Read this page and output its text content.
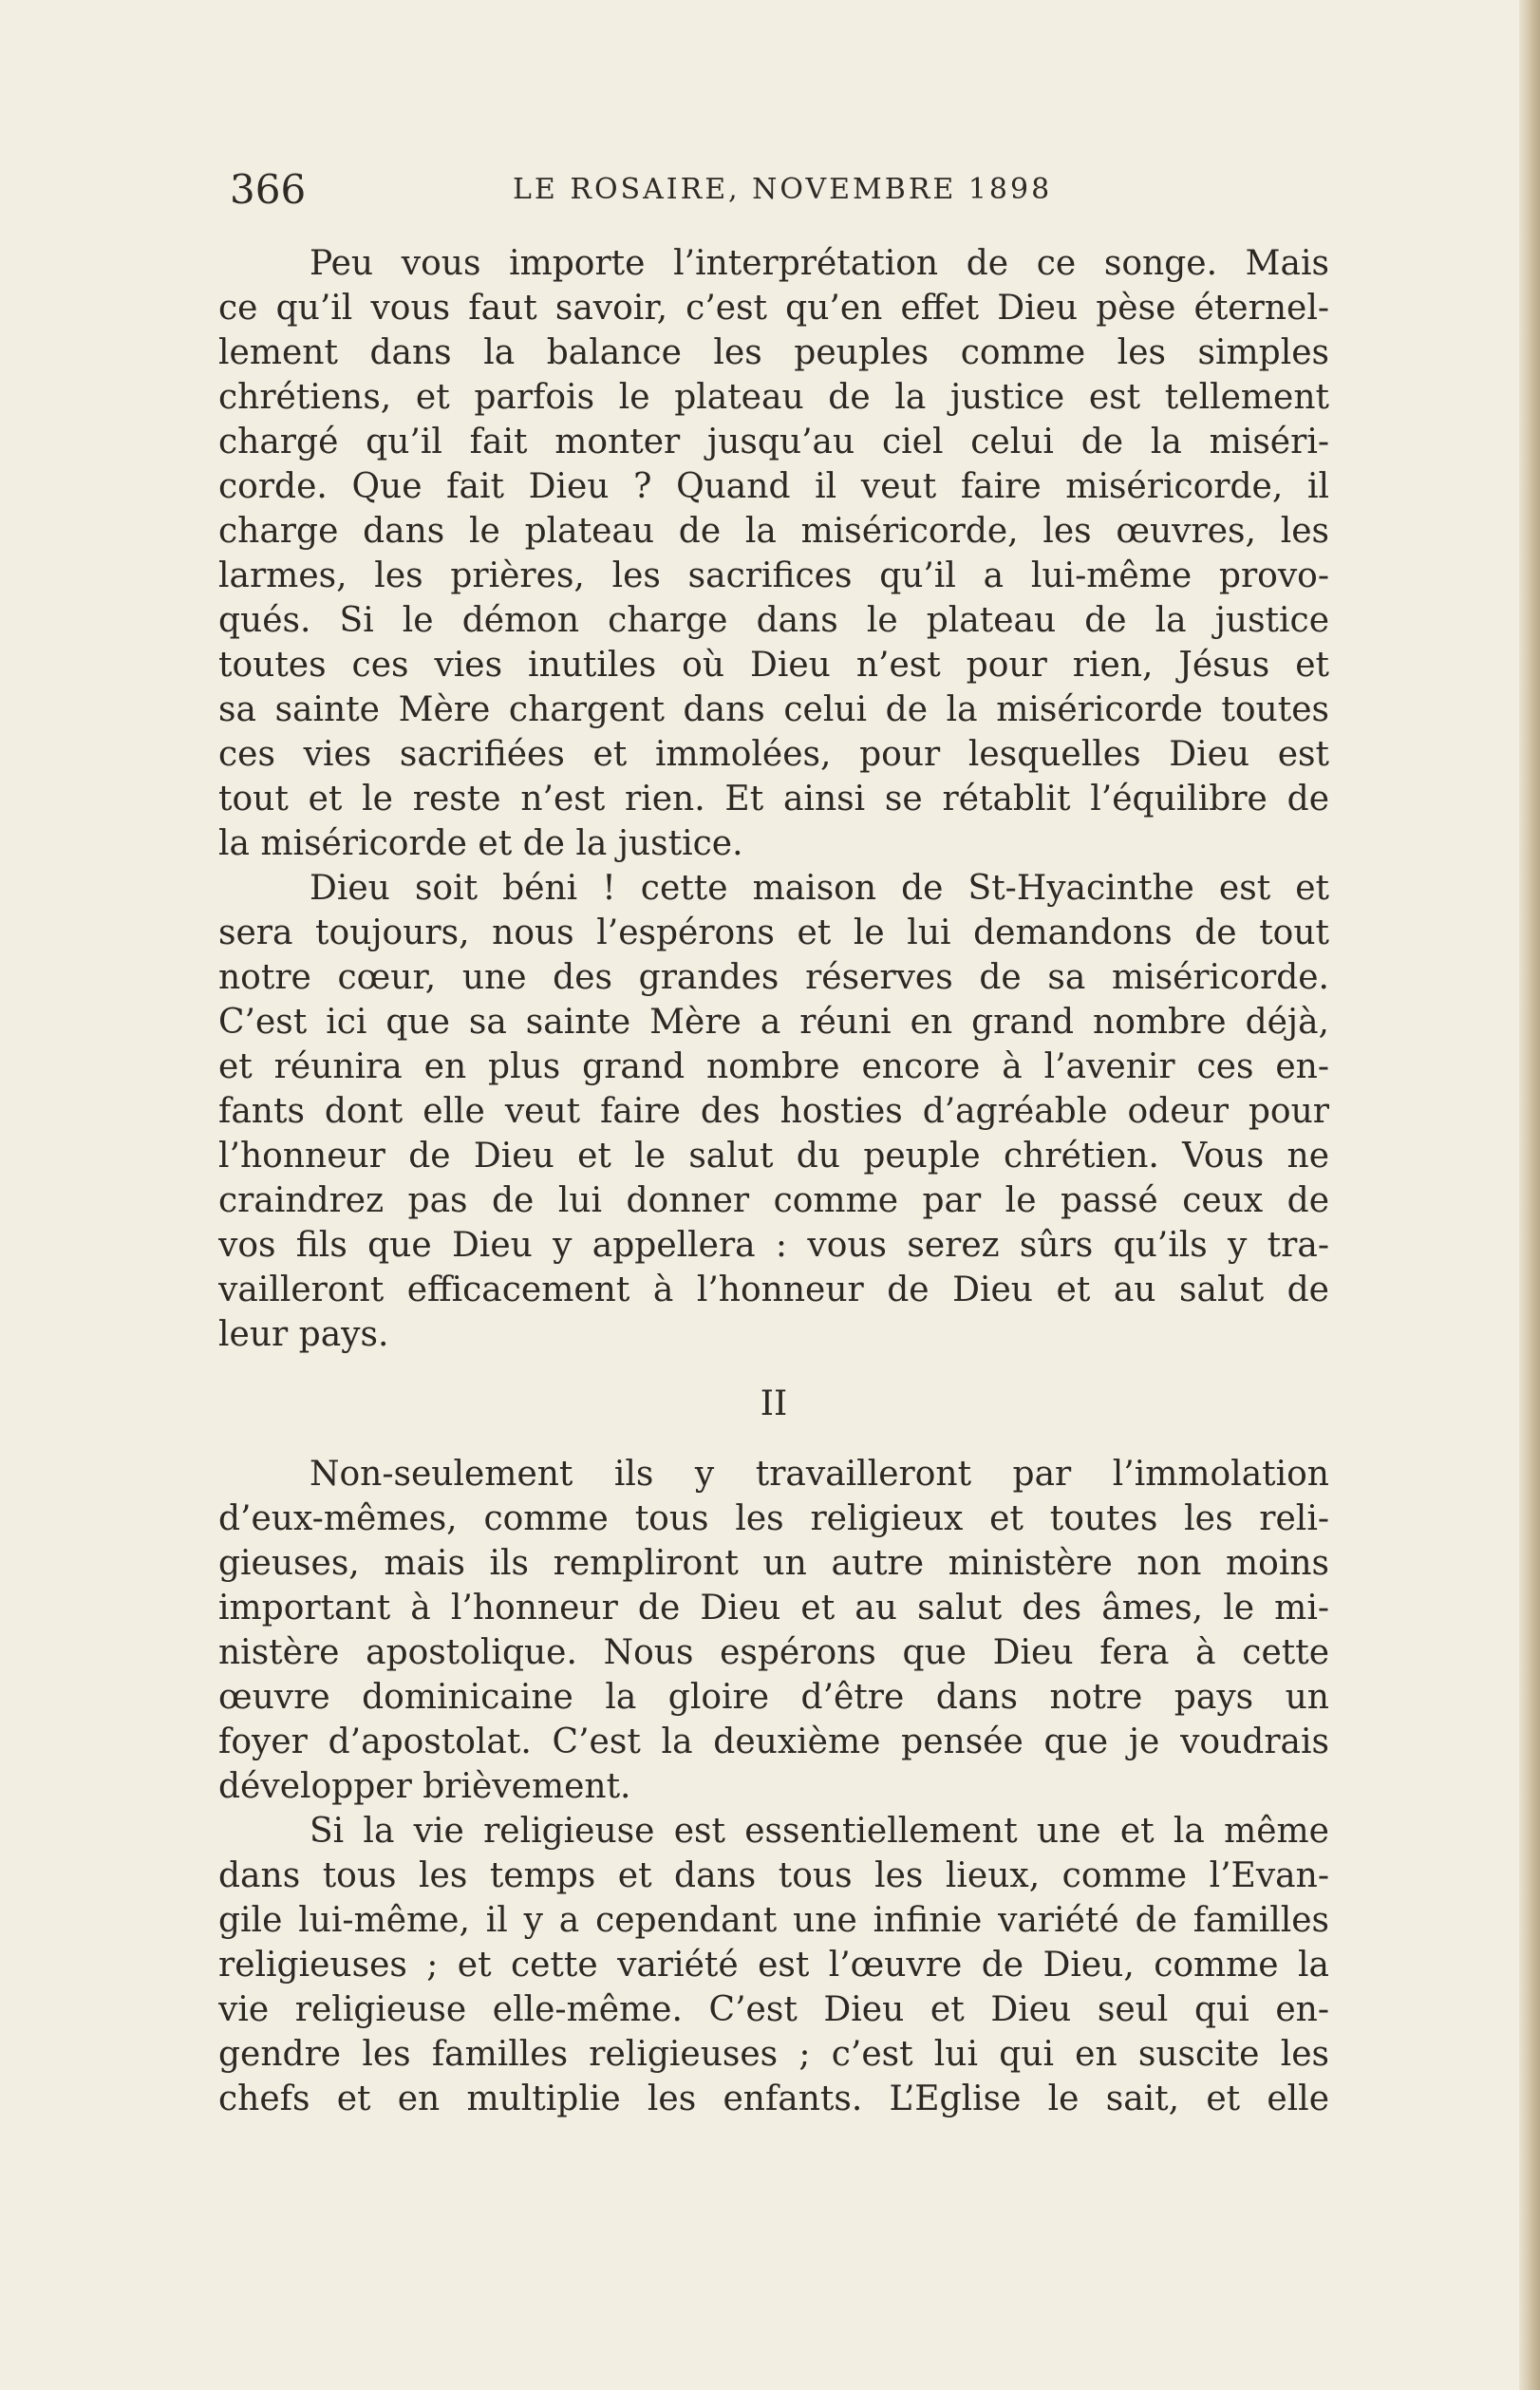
366	LE ROSAIRE, NOVEMBRE 1898
Peu vous importe l’interprétation de ce songe. Mais
ce qu’il vous faut savoir, c’est qu’en effet Dieu pèse éternel-
lement dans la balance les peuples comme les simples
chrétiens, et parfois le plateau de la justice est tellement
chargé qu’il fait monter jusqu’au ciel celui de la miséri-
corde. Que fait Dieu ? Quand il veut faire miséricorde, il
charge dans le plateau de la miséricorde, les œuvres, les
larmes, les prières, les sacrifices qu’il a lui-même provo-
qués. Si le démon charge dans le plateau de la justice
toutes ces vies inutiles où Dieu n’est pour rien, Jésus et
sa sainte Mère chargent dans celui de la miséricorde toutes
ces vies sacrifiées et immolées, pour lesquelles Dieu est
tout et le reste n’est rien. Et ainsi se rétablit l’équilibre de
la miséricorde et de la justice.
Dieu soit béni ! cette maison de St-Hyacinthe est et
sera toujours, nous l’espérons et le lui demandons de tout
notre cœur, une des grandes réserves de sa miséricorde.
C’est ici que sa sainte Mère a réuni en grand nombre déjà,
et réunira en plus grand nombre encore à l’avenir ces en-
fants dont elle veut faire des hosties d’agréable odeur pour
l’honneur de Dieu et le salut du peuple chrétien. Vous ne
craindrez pas de lui donner comme par le passé ceux de
vos fils que Dieu y appellera : vous serez sûrs qu’ils y tra-
vailleront efficacement à l’honneur de Dieu et au salut de
leur pays.
II
Non-seulement ils y travailleront par l’immolation
d’eux-mêmes, comme tous les religieux et toutes les reli-
gieuses, mais ils rempliront un autre ministère non moins
important à l’honneur de Dieu et au salut des âmes, le mi-
nistère apostolique. Nous espérons que Dieu fera à cette
œuvre dominicaine la gloire d’être dans notre pays un
foyer d’apostolat. C’est la deuxième pensée que je voudrais
développer brièvement.
Si la vie religieuse est essentiellement une et la même
dans tous les temps et dans tous les lieux, comme l’Evan-
gile lui-même, il y a cependant une infinie variété de familles
religieuses ; et cette variété est l’œuvre de Dieu, comme la
vie religieuse elle-même. C’est Dieu et Dieu seul qui en-
gendre les familles religieuses ; c’est lui qui en suscite les
chefs et en multiplie les enfants. L’Eglise le sait, et elle
